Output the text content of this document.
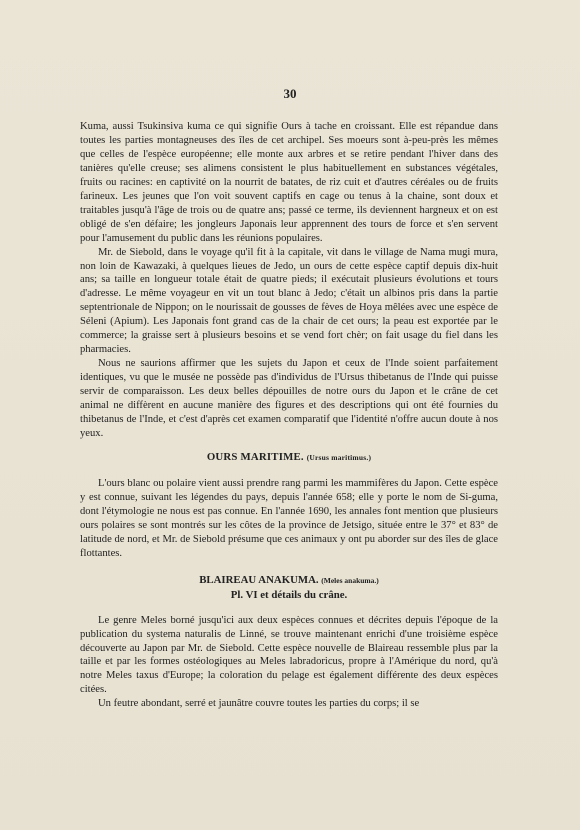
30

Kuma, aussi Tsukinsiva kuma ce qui signifie Ours à tache en croissant. Elle est répandue dans toutes les parties montagneuses des îles de cet archipel. Ses moeurs sont à-peu-près les mêmes que celles de l'espèce européenne; elle monte aux arbres et se retire pendant l'hiver dans des tanières qu'elle creuse; ses alimens consistent le plus habituellement en substances végétales, fruits ou racines: en captivité on la nourrit de batates, de riz cuit et d'autres céréales ou de fruits farineux. Les jeunes que l'on voit souvent captifs en cage ou tenus à la chaine, sont doux et traitables jusqu'à l'âge de trois ou de quatre ans; passé ce terme, ils deviennent hargneux et on est obligé de s'en défaire; les jongleurs Japonais leur apprennent des tours de force et s'en servent pour l'amusement du public dans les réunions populaires.

Mr. de Siebold, dans le voyage qu'il fit à la capitale, vit dans le village de Nama mugi mura, non loin de Kawazaki, à quelques lieues de Jedo, un ours de cette espèce captif depuis dix-huit ans; sa taille en longueur totale était de quatre pieds; il exécutait plusieurs évolutions et tours d'adresse. Le même voyageur en vit un tout blanc à Jedo; c'était un albinos pris dans la partie septentrionale de Nippon; on le nourissait de gousses de fèves de Hoya mêlées avec une espèce de Séleni (Apium). Les Japonais font grand cas de la chair de cet ours; la peau est exportée par le commerce; la graisse sert à plusieurs besoins et se vend fort chèr; on fait usage du fiel dans les pharmacies.

Nous ne saurions affirmer que les sujets du Japon et ceux de l'Inde soient parfaitement identiques, vu que le musée ne possède pas d'individus de l'Ursus thibetanus de l'Inde qui puisse servir de comparaisson. Les deux belles dépouilles de notre ours du Japon et le crâne de cet animal ne diffèrent en aucune manière des figures et des descriptions qui ont été fournies du thibetanus de l'Inde, et c'est d'après cet examen comparatif que l'identité n'offre aucun doute à nos yeux.

OURS MARITIME. (Ursus maritimus.)

L'ours blanc ou polaire vient aussi prendre rang parmi les mammifères du Japon. Cette espèce y est connue, suivant les légendes du pays, depuis l'année 658; elle y porte le nom de Si-guma, dont l'étymologie ne nous est pas connue. En l'année 1690, les annales font mention que plusieurs ours polaires se sont montrés sur les côtes de la province de Jetsigo, située entre le 37° et 83° de latitude de nord, et Mr. de Siebold présume que ces animaux y ont pu aborder sur des îles de glace flottantes.

BLAIREAU ANAKUMA. (Meles anakuma.)
Pl. VI et détails du crâne.

Le genre Meles borné jusqu'ici aux deux espèces connues et décrites depuis l'époque de la publication du systema naturalis de Linné, se trouve maintenant enrichi d'une troisième espèce découverte au Japon par Mr. de Siebold. Cette espèce nouvelle de Blaireau ressemble plus par la taille et par les formes ostéologiques au Meles labradoricus, propre à l'Amérique du nord, qu'à notre Meles taxus d'Europe; la coloration du pelage est également différente des deux espèces citées.

Un feutre abondant, serré et jaunâtre couvre toutes les parties du corps; il se
